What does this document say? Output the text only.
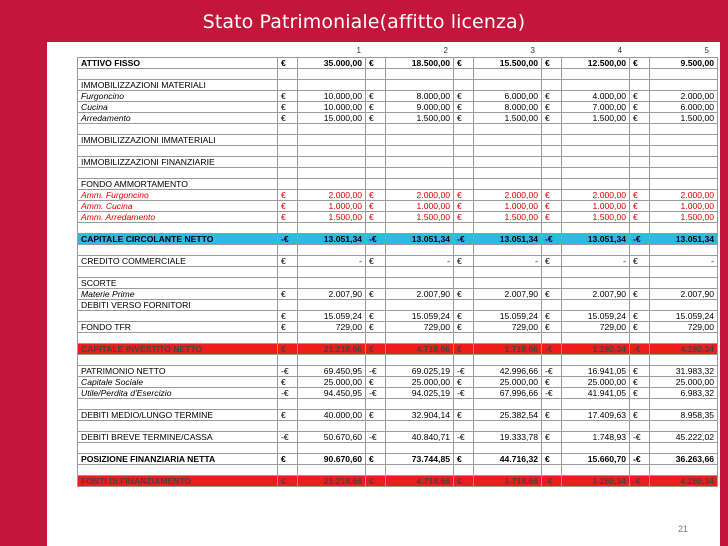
Stato Patrimoniale(affitto licenza)
1	2	3	4	5
ATTIVO FISSO	€	35.000,00	€	18.500,00	€	15.500,00	€	12.500,00	€	9.500,00

IMMOBILIZZAZIONI MATERIALI										
Furgoncino	€	10.000,00	€	8.000,00	€	6.000,00	€	4.000,00	€	2.000,00
Cucina	€	10.000,00	€	9.000,00	€	8.000,00	€	7.000,00	€	6.000,00
Arredamento	€	15.000,00	€	1.500,00	€	1.500,00	€	1.500,00	€	1.500,00

IMMOBILIZZAZIONI IMMATERIALI										

IMMOBILIZZAZIONI FINANZIARIE										

FONDO AMMORTAMENTO										
Amm. Furgoncino	€	2.000,00	€	2.000,00	€	2.000,00	€	2.000,00	€	2.000,00
Amm. Cucina	€	1.000,00	€	1.000,00	€	1.000,00	€	1.000,00	€	1.000,00
Amm. Arredamento	€	1.500,00	€	1.500,00	€	1.500,00	€	1.500,00	€	1.500,00

CAPITALE CIRCOLANTE NETTO	-€	13.051,34	-€	13.051,34	-€	13.051,34	-€	13.051,34	-€	13.051,34

CREDITO COMMERCIALE	€	-	€	-	€	-	€	-	€	-

SCORTE										
Materie Prime	€	2.007,90	€	2.007,90	€	2.007,90	€	2.007,90	€	2.007,90
DEBITI VERSO FORNITORI										
	€	15.059,24	€	15.059,24	€	15.059,24	€	15.059,24	€	15.059,24
FONDO TFR	€	729,00	€	729,00	€	729,00	€	729,00	€	729,00

CAPITALE INVESTITO NETTO	€	21.219,66	€	4.719,66	€	1.719,66	-€	1.280,34	-€	4.280,34

PATRIMONIO NETTO	-€	69.450,95	-€	69.025,19	-€	42.996,66	-€	16.941,05	€	31.983,32
Capitale Sociale	€	25.000,00	€	25.000,00	€	25.000,00	€	25.000,00	€	25.000,00
Utile/Perdita d'Esercizio	-€	94.450,95	-€	94.025,19	-€	67.996,66	-€	41.941,05	€	6.983,32

DEBITI MEDIO/LUNGO TERMINE	€	40.000,00	€	32.904,14	€	25.382,54	€	17.409,63	€	8.958,35

DEBITI BREVE TERMINE/CASSA	-€	50.670,60	-€	40.840,71	-€	19.333,78	€	1.748,93	-€	45.222,02

POSIZIONE FINANZIARIA NETTA	€	90.670,60	€	73.744,85	€	44.716,32	€	15.660,70	-€	36.263,66

FONTI DI FINANZIAMENTO	€	21.219,66	€	4.719,66	€	1.719,66	-€	1.280,34	-€	4.280,34
21
